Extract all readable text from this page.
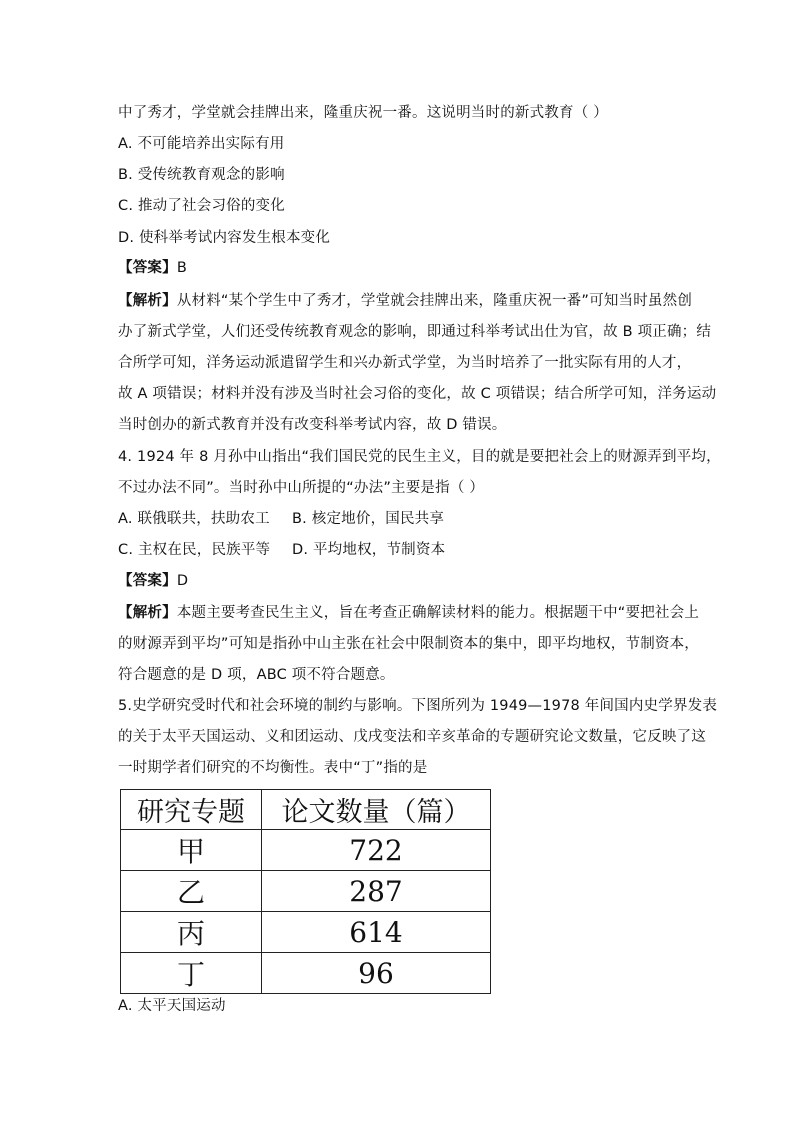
中了秀才，学堂就会挂牌出来，隆重庆祝一番。这说明当时的新式教育（ ）
A. 不可能培养出实际有用
B. 受传统教育观念的影响
C. 推动了社会习俗的变化
D. 使科举考试内容发生根本变化
【答案】B
【解析】从材料“某个学生中了秀才，学堂就会挂牌出来，隆重庆祝一番”可知当时虽然创
办了新式学堂，人们还受传统教育观念的影响，即通过科举考试出仕为官，故 B 项正确；结
合所学可知，洋务运动派遣留学生和兴办新式学堂，为当时培养了一批实际有用的人才，
故 A 项错误；材料并没有涉及当时社会习俗的变化，故 C 项错误；结合所学可知，洋务运动
当时创办的新式教育并没有改变科举考试内容，故 D 错误。
4. 1924 年 8 月孙中山指出“我们国民党的民生主义，目的就是要把社会上的财源弄到平均，
不过办法不同”。当时孙中山所提的“办法”主要是指（ ）
A. 联俄联共，扶助农工 B. 核定地价，国民共享
C. 主权在民，民族平等 D. 平均地权，节制资本
【答案】D
【解析】本题主要考查民生主义，旨在考查正确解读材料的能力。根据题干中“要把社会上
的财源弄到平均”可知是指孙中山主张在社会中限制资本的集中，即平均地权，节制资本，
符合题意的是 D 项，ABC 项不符合题意。
5.史学研究受时代和社会环境的制约与影响。下图所列为 1949—1978 年间国内史学界发表
的关于太平天国运动、义和团运动、戊戌变法和辛亥革命的专题研究论文数量，它反映了这
一时期学者们研究的不均衡性。表中“丁”指的是
研究专题	论文数量（篇）
甲	722
乙	287
丙	614
丁	96
A. 太平天国运动
